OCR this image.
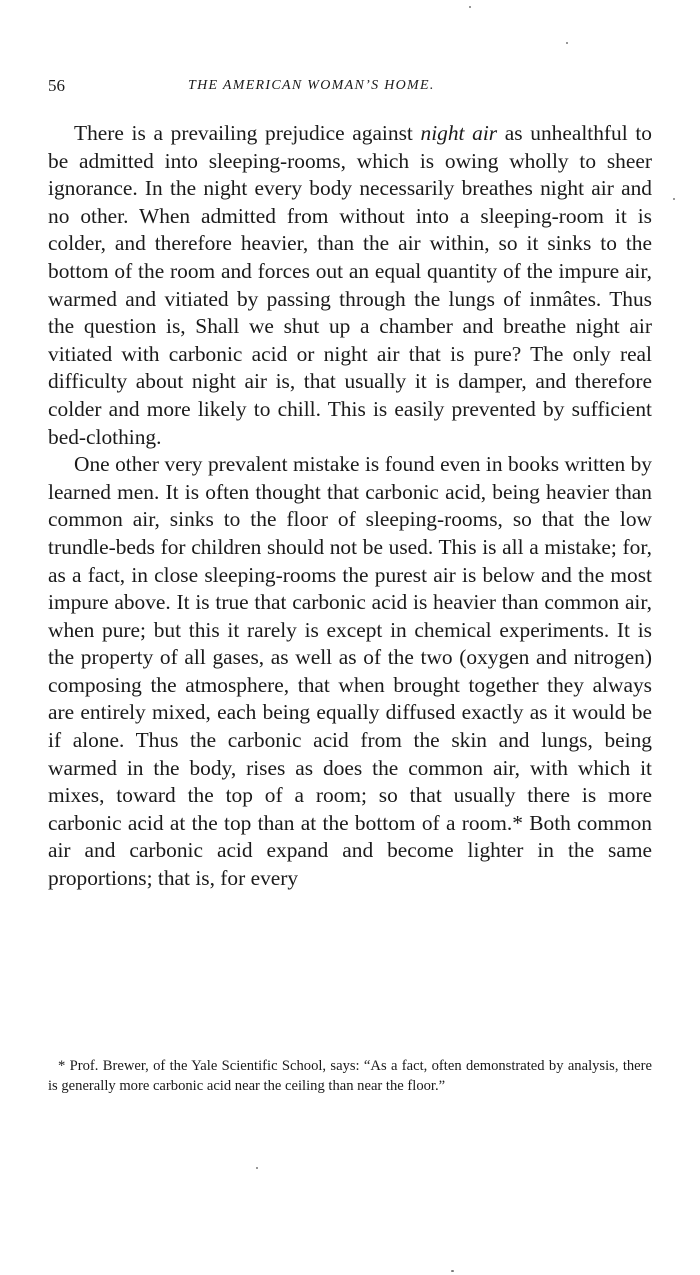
56	THE AMERICAN WOMAN’S HOME.

There is a prevailing prejudice against night air as unhealthful to be admitted into sleeping-rooms, which is owing wholly to sheer ignorance. In the night every body necessarily breathes night air and no other. When admitted from without into a sleeping-room it is colder, and therefore heavier, than the air within, so it sinks to the bottom of the room and forces out an equal quantity of the impure air, warmed and vitiated by passing through the lungs of inmâtes. Thus the question is, Shall we shut up a chamber and breathe night air vitiated with carbonic acid or night air that is pure? The only real difficulty about night air is, that usually it is damper, and therefore colder and more likely to chill. This is easily prevented by sufficient bed-clothing.

One other very prevalent mistake is found even in books written by learned men. It is often thought that carbonic acid, being heavier than common air, sinks to the floor of sleeping-rooms, so that the low trundle-beds for children should not be used. This is all a mistake; for, as a fact, in close sleeping-rooms the purest air is below and the most impure above. It is true that carbonic acid is heavier than common air, when pure; but this it rarely is except in chemical experiments. It is the property of all gases, as well as of the two (oxygen and nitrogen) composing the atmosphere, that when brought together they always are entirely mixed, each being equally diffused exactly as it would be if alone. Thus the carbonic acid from the skin and lungs, being warmed in the body, rises as does the common air, with which it mixes, toward the top of a room; so that usually there is more carbonic acid at the top than at the bottom of a room.* Both common air and carbonic acid expand and become lighter in the same proportions; that is, for every

* Prof. Brewer, of the Yale Scientific School, says: “As a fact, often demonstrated by analysis, there is generally more carbonic acid near the ceiling than near the floor.”
